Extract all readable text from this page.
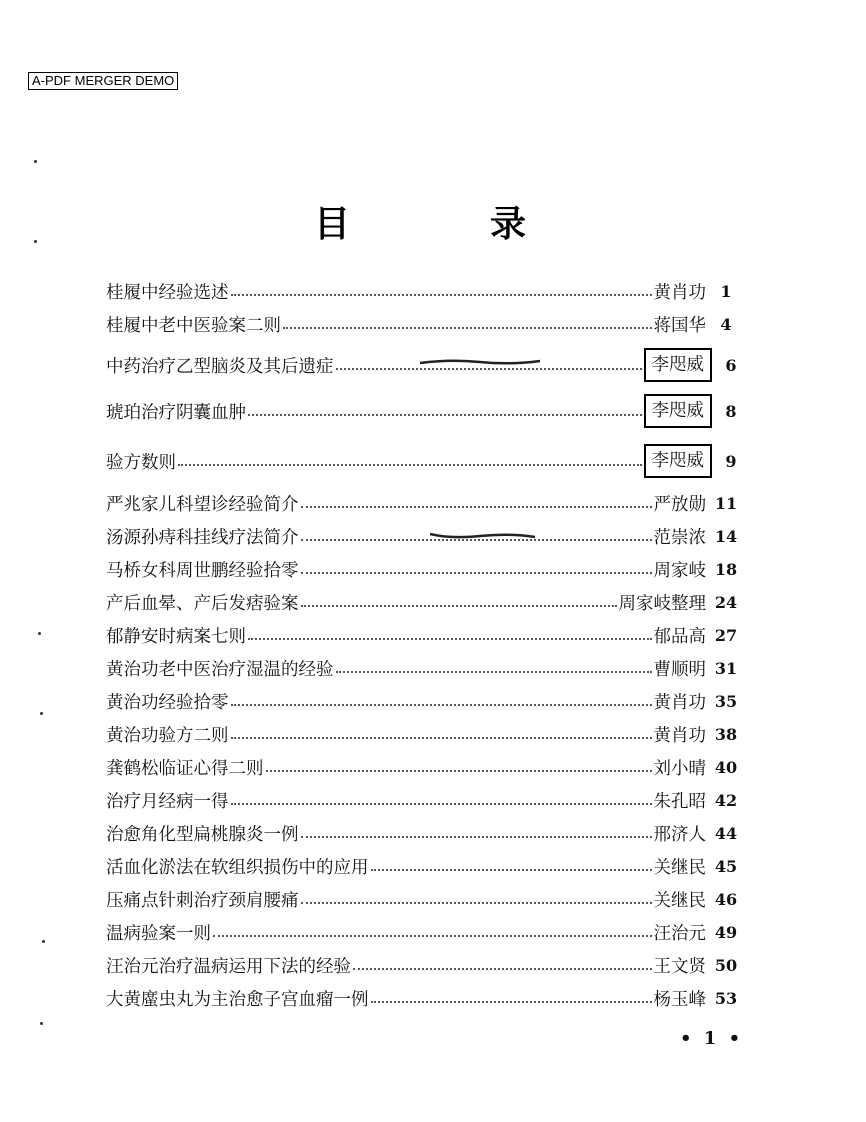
A-PDF MERGER DEMO
目	录
桂履中经验选述	黄肖功 1
桂履中老中医验案二则	蒋国华 4
中药治疗乙型脑炎及其后遗症	李咫威	6
琥珀治疗阴囊血肿	李咫威	8
验方数则	李咫威	9
严兆家儿科望诊经验简介	严放勋 11
汤源孙痔科挂线疗法简介	范崇浓 14
马桥女科周世鹏经验拾零	周家岐 18
产后血晕、产后发痞验案	周家岐整理 24
郁静安时病案七则	郁品高 27
黄治功老中医治疗湿温的经验	曹顺明 31
黄治功经验拾零	黄肖功 35
黄治功验方二则	黄肖功 38
龚鹤松临证心得二则	刘小晴 40
治疗月经病一得	朱孔昭 42
治愈角化型扁桃腺炎一例	邢济人 44
活血化淤法在软组织损伤中的应用	关继民 45
压痛点针刺治疗颈肩腰痛	关继民 46
温病验案一则	汪治元 49
汪治元治疗温病运用下法的经验	王文贤 50
大黄䗪虫丸为主治愈子宫血瘤一例	杨玉峰 53
• 1 •
